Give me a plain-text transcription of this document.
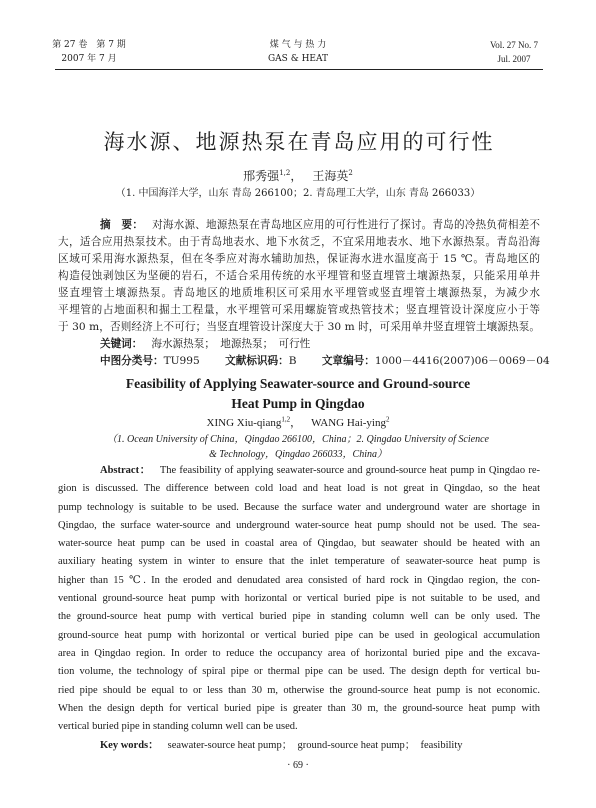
第 27 卷　第 7 期
2007 年 7 月
煤 气 与 热 力
GAS & HEAT
Vol. 27 No. 7
Jul. 2007
海水源、地源热泵在青岛应用的可行性
邢秀强$^{1,2}$， 王海英$^2$
（1. 中国海洋大学，山东 青岛 266100；2. 青岛理工大学，山东 青岛 266033）
摘　要： 对海水源、地源热泵在青岛地区应用的可行性进行了探讨。青岛的冷热负荷相差不
大，适合应用热泵技术。由于青岛地表水、地下水贫乏，不宜采用地表水、地下水源热泵。青岛沿海
区域可采用海水源热泵，但在冬季应对海水辅助加热，保证海水进水温度高于 15 ℃。青岛地区的
构造侵蚀剥蚀区为坚硬的岩石，不适合采用传统的水平埋管和竖直埋管土壤源热泵，只能采用单井
竖直埋管土壤源热泵。青岛地区的地质堆积区可采用水平埋管或竖直埋管土壤源热泵，为减少水
平埋管的占地面积和掘土工程量，水平埋管可采用螺旋管或热管技术；竖直埋管设计深度应小于等
于 30 m，否则经济上不可行；当竖直埋管设计深度大于 30 m 时，可采用单井竖直埋管土壤源热泵。
关键词： 海水源热泵；　地源热泵；　可行性
中图分类号：TU995 文献标识码：B 文章编号：1000－4416(2007)06－0069－04
Feasibility of Applying Seawater-source and Ground-source
Heat Pump in Qingdao
XING Xiu-qiang$^{1,2}$， WANG Hai-ying$^2$
（1. Ocean University of China，Qingdao 266100，China；2. Qingdao University of Science
& Technology，Qingdao 266033，China）
Abstract： The feasibility of applying seawater-source and ground-source heat pump in Qingdao re-
gion is discussed. The difference between cold load and heat load is not great in Qingdao, so the heat
pump technology is suitable to be used. Because the surface water and underground water are shortage in
Qingdao, the surface water-source and underground water-source heat pump should not be used. The sea-
water-source heat pump can be used in coastal area of Qingdao, but seawater should be heated with an
auxiliary heating system in winter to ensure that the inlet temperature of seawater-source heat pump is
higher than 15 ℃. In the eroded and denudated area consisted of hard rock in Qingdao region, the con-
ventional ground-source heat pump with horizontal or vertical buried pipe is not suitable to be used, and
the ground-source heat pump with vertical buried pipe in standing column well can be only used. The
ground-source heat pump with horizontal or vertical buried pipe can be used in geological accumulation
area in Qingdao region. In order to reduce the occupancy area of horizontal buried pipe and the excava-
tion volume, the technology of spiral pipe or thermal pipe can be used. The design depth for vertical bu-
ried pipe should be equal to or less than 30 m, otherwise the ground-source heat pump is not economic.
When the design depth for vertical buried pipe is greater than 30 m, the ground-source heat pump with
vertical buried pipe in standing column well can be used.
Key words： seawater-source heat pump；　ground-source heat pump；　feasibility
· 69 ·
